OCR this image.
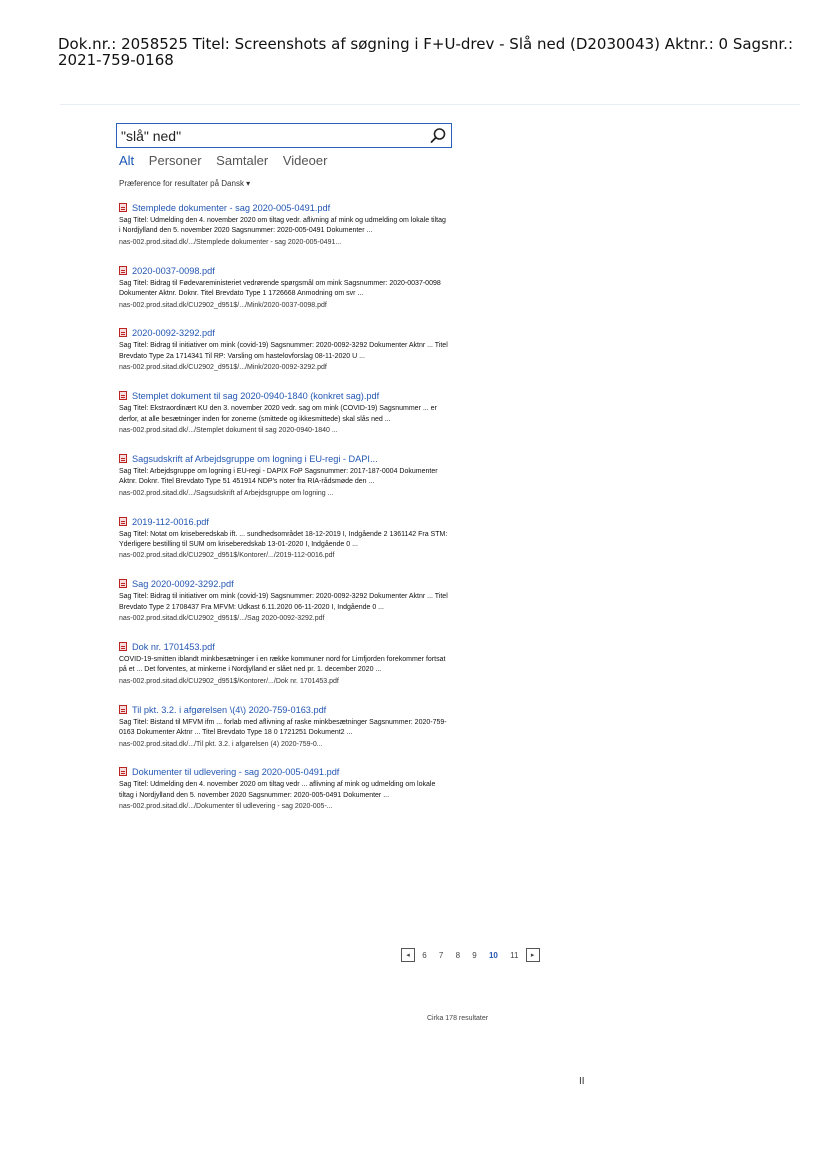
Dok.nr.: 2058525 Titel: Screenshots af søgning i F+U-drev - Slå ned (D2030043) Aktnr.: 0 Sagsnr.:
2021-759-0168
"slå" ned"
Alt Personer Samtaler Videoer
Præference for resultater på Dansk ▾
Stemplede dokumenter - sag 2020-005-0491.pdf
Sag Titel: Udmelding den 4. november 2020 om tiltag vedr. aflivning af mink og udmelding om lokale tiltag i Nordjylland den 5. november 2020 Sagsnummer: 2020-005-0491 Dokumenter ...
nas-002.prod.sitad.dk/.../Stemplede dokumenter - sag 2020-005-0491...
2020-0037-0098.pdf
Sag Titel: Bidrag til Fødevareministeriet vedrørende spørgsmål om mink Sagsnummer: 2020-0037-0098 Dokumenter Aktnr. Doknr. Titel Brevdato Type 1 1726668 Anmodning om svr ...
nas-002.prod.sitad.dk/CU2902_d951$/.../Mink/2020-0037-0098.pdf
2020-0092-3292.pdf
Sag Titel: Bidrag til initiativer om mink (covid-19) Sagsnummer: 2020-0092-3292 Dokumenter Aktnr ... Titel Brevdato Type 2a 1714341 Til RP: Varsling om hastelovforslag 08-11-2020 U ...
nas-002.prod.sitad.dk/CU2902_d951$/.../Mink/2020-0092-3292.pdf
Stemplet dokument til sag 2020-0940-1840 (konkret sag).pdf
Sag Titel: Ekstraordinært KU den 3. november 2020 vedr. sag om mink (COVID-19) Sagsnummer ... er derfor, at alle besætninger inden for zonerne (smittede og ikkesmittede) skal slås ned ...
nas-002.prod.sitad.dk/.../Stemplet dokument til sag 2020-0940-1840 ...
Sagsudskrift af Arbejdsgruppe om logning i EU-regi - DAPI...
Sag Titel: Arbejdsgruppe om logning i EU-regi - DAPIX FoP Sagsnummer: 2017-187-0004 Dokumenter Aktnr. Doknr. Titel Brevdato Type 51 451914 NDP's noter fra RIA-rådsmøde den ...
nas-002.prod.sitad.dk/.../Sagsudskrift af Arbejdsgruppe om logning ...
2019-112-0016.pdf
Sag Titel: Notat om kriseberedskab ift. ... sundhedsområdet 18-12-2019 I, Indgående 2 1361142 Fra STM: Yderligere bestilling til SUM om kriseberedskab 13-01-2020 I, Indgående 0 ...
nas-002.prod.sitad.dk/CU2902_d951$/Kontorer/.../2019-112-0016.pdf
Sag 2020-0092-3292.pdf
Sag Titel: Bidrag til initiativer om mink (covid-19) Sagsnummer: 2020-0092-3292 Dokumenter Aktnr ... Titel Brevdato Type 2 1708437 Fra MFVM: Udkast 6.11.2020 06-11-2020 I, Indgående 0 ...
nas-002.prod.sitad.dk/CU2902_d951$/.../Sag 2020-0092-3292.pdf
Dok nr. 1701453.pdf
COVID-19-smitten iblandt minkbesætninger i en række kommuner nord for Limfjorden forekommer fortsat på et ... Det forventes, at minkerne i Nordjylland er slået ned pr. 1. december 2020 ...
nas-002.prod.sitad.dk/CU2902_d951$/Kontorer/.../Dok nr. 1701453.pdf
Til pkt. 3.2. i afgørelsen \(4\) 2020-759-0163.pdf
Sag Titel: Bistand til MFVM ifm ... forlab med aflivning af raske minkbesætninger Sagsnummer: 2020-759-0163 Dokumenter Aktnr ... Titel Brevdato Type 18 0 1721251 Dokument2 ...
nas-002.prod.sitad.dk/.../Til pkt. 3.2. i afgørelsen (4) 2020-759-0...
Dokumenter til udlevering - sag 2020-005-0491.pdf
Sag Titel: Udmelding den 4. november 2020 om tiltag vedr ... aflivning af mink og udmelding om lokale tiltag i Nordjylland den 5. november 2020 Sagsnummer: 2020-005-0491 Dokumenter ...
nas-002.prod.sitad.dk/.../Dokumenter til udlevering - sag 2020-005-...
◂ 6 7 8 9 10 11 ▸
Cirka 178 resultater
II
